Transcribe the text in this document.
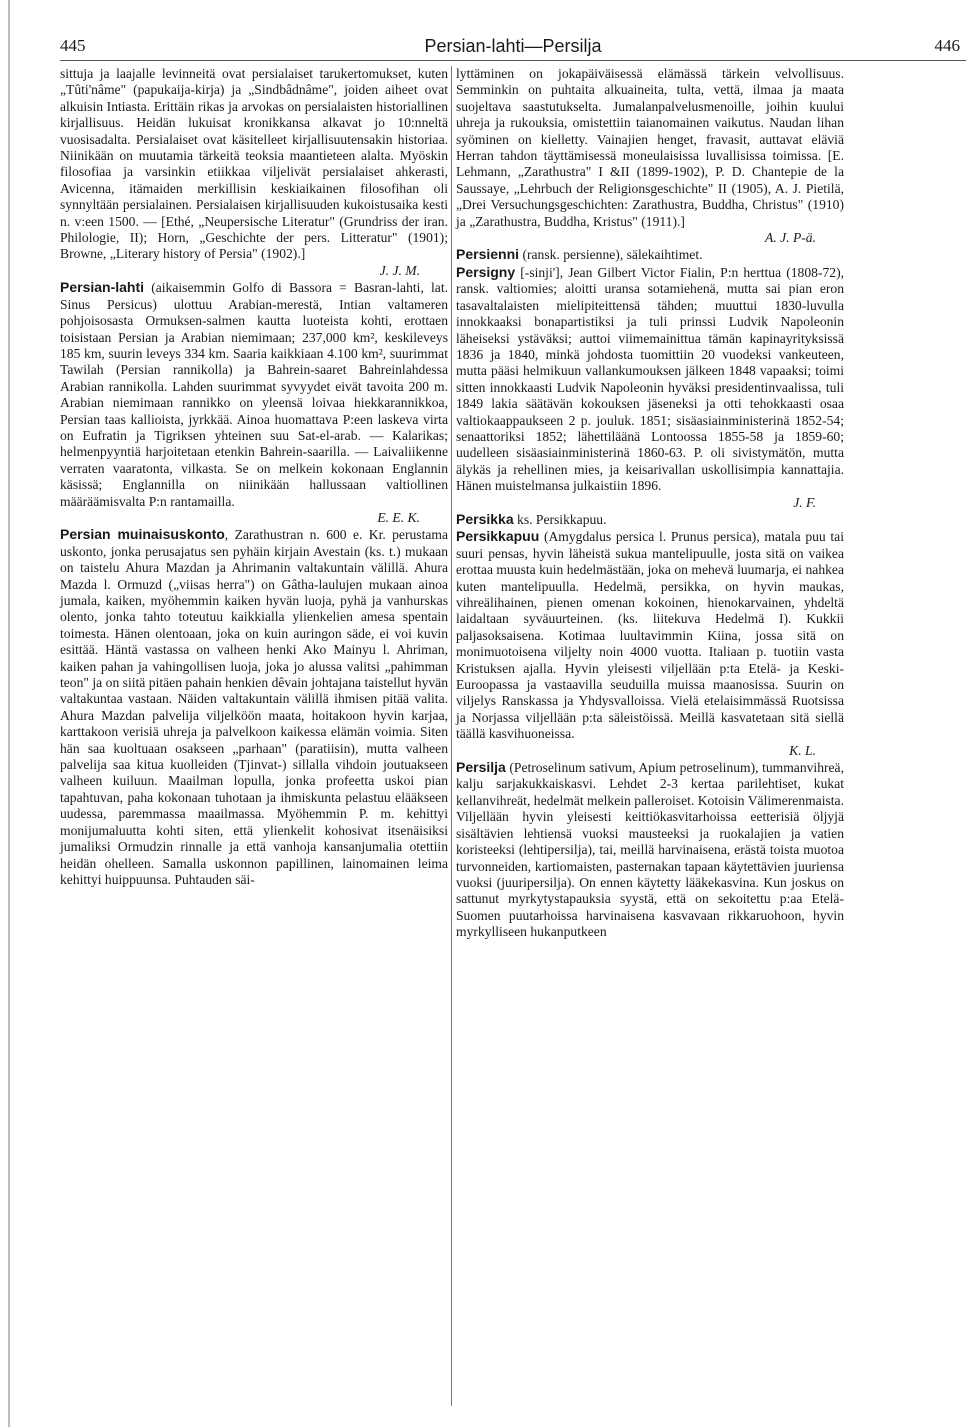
445	Persian-lahti—Persilja	446

sittuja ja laajalle levinneitä ovat persialaiset tarukertomukset, kuten „Tûti'nâme" (papukaija-kirja) ja „Sindbâdnâme", joiden aiheet ovat alkuisin Intiasta. Erittäin rikas ja arvokas on persialaisten historiallinen kirjallisuus. Heidän lukuisat kronikkansa alkavat jo 10:nneltä vuosisadalta. Persialaiset ovat käsitelleet kirjallisuutensakin historiaa. Niinikään on muutamia tärkeitä teoksia maantieteen alalta. Myöskin filosofiaa ja varsinkin etiikkaa viljelivät persialaiset ahkerasti, Avicenna, itämaiden merkillisin keskiaikainen filosofihan oli synnyltään persialainen. Persialaisen kirjallisuuden kukoistusaika kesti n. v:een 1500. — [Ethé, „Neupersische Literatur" (Grundriss der iran. Philologie, II); Horn, „Geschichte der pers. Litteratur" (1901); Browne, „Literary history of Persia" (1902).]
J. J. M.

Persian-lahti (aikaisemmin Golfo di Bassora = Basran-lahti, lat. Sinus Persicus) ulottuu Arabian-merestä, Intian valtameren pohjoisosasta Ormuksen-salmen kautta luoteista kohti, erottaen toisistaan Persian ja Arabian niemimaan; 237,000 km², keskileveys 185 km, suurin leveys 334 km. Saaria kaikkiaan 4.100 km², suurimmat Tawilah (Persian rannikolla) ja Bahrein-saaret Bahreinlahdessa Arabian rannikolla. Lahden suurimmat syvyydet eivät tavoita 200 m. Arabian niemimaan rannikko on yleensä loivaa hiekkarannikkoa, Persian taas kallioista, jyrkkää. Ainoa huomattava P:een laskeva virta on Eufratin ja Tigriksen yhteinen suu Sat-el-arab. — Kalarikas; helmenpyyntiä harjoitetaan etenkin Bahrein-saarilla. — Laivaliikenne verraten vaaratonta, vilkasta. Se on melkein kokonaan Englannin käsissä; Englannilla on niinikään hallussaan valtiollinen määräämisvalta P:n rantamailla.
E. E. K.

Persian muinaisuskonto, Zarathustran n. 600 e. Kr. perustama uskonto, jonka perusajatus sen pyhäin kirjain Avestain (ks. t.) mukaan on taistelu Ahura Mazdan ja Ahrimanin valtakuntain välillä. Ahura Mazda l. Ormuzd („viisas herra") on Gâtha-laulujen mukaan ainoa jumala, kaiken, myöhemmin kaiken hyvän luoja, pyhä ja vanhurskas olento, jonka tahto toteutuu kaikkialla ylienkelien amesa spentain toimesta. Hänen olentoaan, joka on kuin auringon säde, ei voi kuvin esittää. Häntä vastassa on valheen henki Ako Mainyu l. Ahriman, kaiken pahan ja vahingollisen luoja, joka jo alussa valitsi „pahimman teon" ja on siitä pitäen pahain henkien dêvain johtajana taistellut hyvän valtakuntaa vastaan. Näiden valtakuntain välillä ihmisen pitää valita. Ahura Mazdan palvelija viljelköön maata, hoitakoon hyvin karjaa, karttakoon verisiä uhreja ja palvelkoon kaikessa elämän voimia. Siten hän saa kuoltuaan osakseen „parhaan" (paratiisin), mutta valheen palvelija saa kitua kuolleiden (Tjinvat-) sillalla vihdoin joutuakseen valheen kuiluun. Maailman lopulla, jonka profeetta uskoi pian tapahtuvan, paha kokonaan tuhotaan ja ihmiskunta pelastuu elääkseen uudessa, paremmassa maailmassa. Myöhemmin P. m. kehittyi monijumaluutta kohti siten, että ylienkelit kohosivat itsenäisiksi jumaliksi Ormudzin rinnalle ja että vanhoja kansanjumalia otettiin heidän ohelleen. Samalla uskonnon papillinen, lainomainen leima kehittyi huippuunsa. Puhtauden säi-

lyttäminen on jokapäiväisessä elämässä tärkein velvollisuus. Semminkin on puhtaita alkuaineita, tulta, vettä, ilmaa ja maata suojeltava saastutukselta. Jumalanpalvelusmenoille, joihin kuului uhreja ja rukouksia, omistettiin taianomainen vaikutus. Naudan lihan syöminen on kielletty. Vainajien henget, fravasit, auttavat eläviä Herran tahdon täyttämisessä moneulaisissa luvallisissa toimissa. [E. Lehmann, „Zarathustra" I &II (1899-1902), P. D. Chantepie de la Saussaye, „Lehrbuch der Religionsgeschichte" II (1905), A. J. Pietilä, „Drei Versuchungsgeschichten: Zarathustra, Buddha, Christus" (1910) ja „Zarathustra, Buddha, Kristus" (1911).]
A. J. P-ä.

Persienni (ransk. persienne), sälekaihtimet.

Persigny [-sinji'], Jean Gilbert Victor Fialin, P:n herttua (1808-72), ransk. valtiomies; aloitti uransa sotamiehenä, mutta sai pian eron tasavaltalaisten mielipiteittensä tähden; muuttui 1830-luvulla innokkaaksi bonapartistiksi ja tuli prinssi Ludvik Napoleonin läheiseksi ystäväksi; auttoi viimemainittua tämän kapinayrityksissä 1836 ja 1840, minkä johdosta tuomittiin 20 vuodeksi vankeuteen, mutta pääsi helmikuun vallankumouksen jälkeen 1848 vapaaksi; toimi sitten innokkaasti Ludvik Napoleonin hyväksi presidentinvaalissa, tuli 1849 lakia säätävän kokouksen jäseneksi ja otti tehokkaasti osaa valtiokaappaukseen 2 p. jouluk. 1851; sisäasiainministerinä 1852-54; senaattoriksi 1852; lähettiläänä Lontoossa 1855-58 ja 1859-60; uudelleen sisäasiainministerinä 1860-63. P. oli sivistymätön, mutta älykäs ja rehellinen mies, ja keisarivallan uskollisimpia kannattajia. Hänen muistelmansa julkaistiin 1896.
J. F.

Persikka ks. Persikkapuu.

Persikkapuu (Amygdalus persica l. Prunus persica), matala puu tai suuri pensas, hyvin läheistä sukua mantelipuulle, josta sitä on vaikea erottaa muusta kuin hedelmästään, joka on mehevä luumarja, ei nahkea kuten mantelipuulla. Hedelmä, persikka, on hyvin maukas, vihreälihainen, pienen omenan kokoinen, hienokarvainen, yhdeltä laidaltaan syväuurteinen. (ks. liitekuva Hedelmä I). Kukkii paljasoksaisena. Kotimaa luultavimmin Kiina, jossa sitä on monimuotoisena viljelty noin 4000 vuotta. Italiaan p. tuotiin vasta Kristuksen ajalla. Hyvin yleisesti viljellään p:ta Etelä- ja Keski-Euroopassa ja vastaavilla seuduilla muissa maanosissa. Suurin on viljelys Ranskassa ja Yhdysvalloissa. Vielä etelaisimmässä Ruotsissa ja Norjassa viljellään p:ta säleistöissä. Meillä kasvatetaan sitä siellä täällä kasvihuoneissa.
K. L.

Persilja (Petroselinum sativum, Apium petroselinum), tummanvihreä, kalju sarjakukkaiskasvi. Lehdet 2-3 kertaa parilehtiset, kukat kellanvihreät, hedelmät melkein palleroiset. Kotoisin Välimerenmaista. Viljellään hyvin yleisesti keittiökasvitarhoissa eetterisiä öljyjä sisältävien lehtiensä vuoksi mausteeksi ja ruokalajien ja vatien koristeeksi (lehtipersilja), tai, meillä harvinaisena, erästä toista muotoa turvonneiden, kartiomaisten, pasternakan tapaan käytettävien juuriensa vuoksi (juuripersilja). On ennen käytetty lääkekasvina. Kun joskus on sattunut myrkytystapauksia syystä, että on sekoitettu p:aa Etelä-Suomen puutarhoissa harvinaisena kasvavaan rikkaruohoon, hyvin myrkylliseen hukanputkeen
